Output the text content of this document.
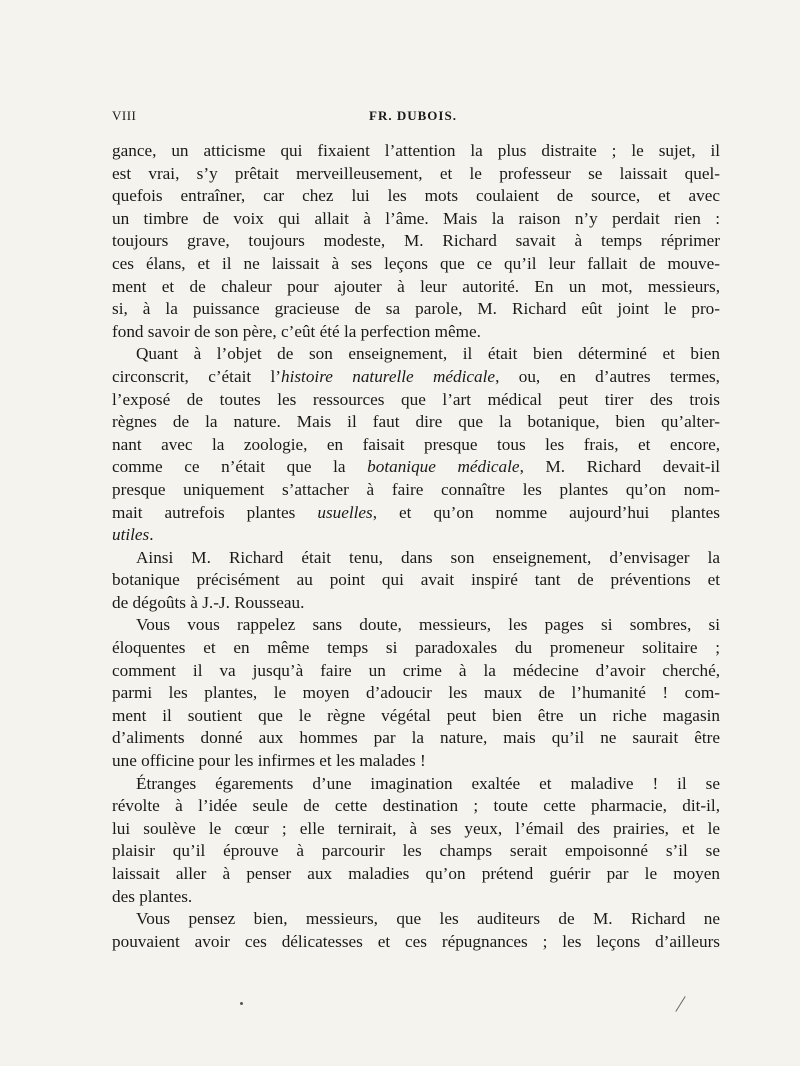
VIII	FR. DUBOIS.
gance, un atticisme qui fixaient l’attention la plus distraite ; le sujet, il
est vrai, s’y prêtait merveilleusement, et le professeur se laissait quel-
quefois entraîner, car chez lui les mots coulaient de source, et avec
un timbre de voix qui allait à l’âme. Mais la raison n’y perdait rien :
toujours grave, toujours modeste, M. Richard savait à temps réprimer
ces élans, et il ne laissait à ses leçons que ce qu’il leur fallait de mouve-
ment et de chaleur pour ajouter à leur autorité. En un mot, messieurs,
si, à la puissance gracieuse de sa parole, M. Richard eût joint le pro-
fond savoir de son père, c’eût été la perfection même.
Quant à l’objet de son enseignement, il était bien déterminé et bien
circonscrit, c’était l’histoire naturelle médicale, ou, en d’autres termes,
l’exposé de toutes les ressources que l’art médical peut tirer des trois
règnes de la nature. Mais il faut dire que la botanique, bien qu’alter-
nant avec la zoologie, en faisait presque tous les frais, et encore,
comme ce n’était que la botanique médicale, M. Richard devait-il
presque uniquement s’attacher à faire connaître les plantes qu’on nom-
mait autrefois plantes usuelles, et qu’on nomme aujourd’hui plantes
utiles.
Ainsi M. Richard était tenu, dans son enseignement, d’envisager la
botanique précisément au point qui avait inspiré tant de préventions et
de dégoûts à J.-J. Rousseau.
Vous vous rappelez sans doute, messieurs, les pages si sombres, si
éloquentes et en même temps si paradoxales du promeneur solitaire ;
comment il va jusqu’à faire un crime à la médecine d’avoir cherché,
parmi les plantes, le moyen d’adoucir les maux de l’humanité ! com-
ment il soutient que le règne végétal peut bien être un riche magasin
d’aliments donné aux hommes par la nature, mais qu’il ne saurait être
une officine pour les infirmes et les malades !
Étranges égarements d’une imagination exaltée et maladive ! il se
révolte à l’idée seule de cette destination ; toute cette pharmacie, dit-il,
lui soulève le cœur ; elle ternirait, à ses yeux, l’émail des prairies, et le
plaisir qu’il éprouve à parcourir les champs serait empoisonné s’il se
laissait aller à penser aux maladies qu’on prétend guérir par le moyen
des plantes.
Vous pensez bien, messieurs, que les auditeurs de M. Richard ne
pouvaient avoir ces délicatesses et ces répugnances ; les leçons d’ailleurs
